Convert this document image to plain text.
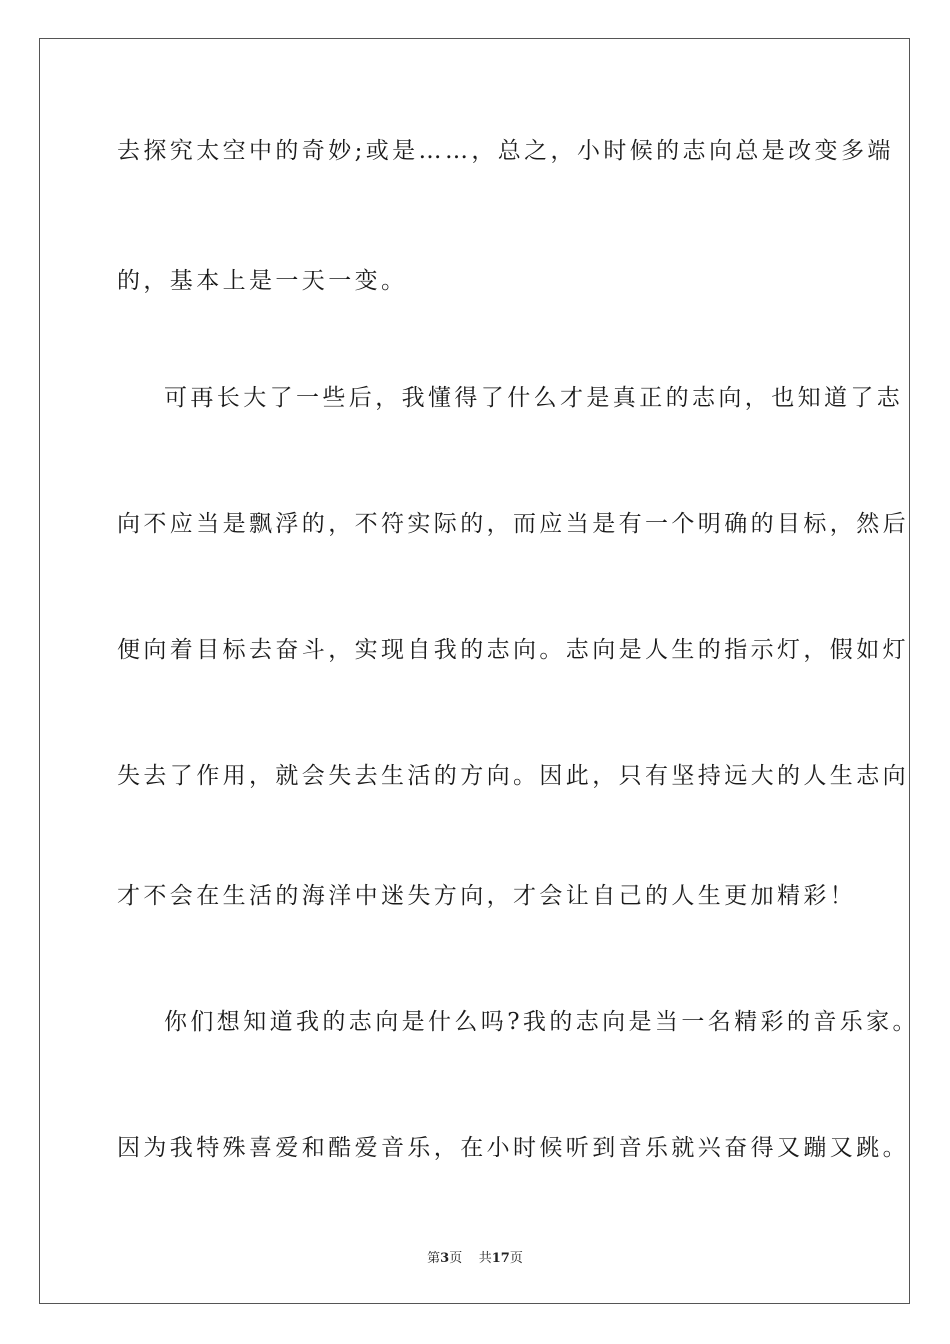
去探究太空中的奇妙;或是……，总之，小时候的志向总是改变多端
的，基本上是一天一变。
可再长大了一些后，我懂得了什么才是真正的志向，也知道了志
向不应当是飘浮的，不符实际的，而应当是有一个明确的目标，然后
便向着目标去奋斗，实现自我的志向。志向是人生的指示灯，假如灯
失去了作用，就会失去生活的方向。因此，只有坚持远大的人生志向
才不会在生活的海洋中迷失方向，才会让自己的人生更加精彩！
你们想知道我的志向是什么吗?我的志向是当一名精彩的音乐家。
因为我特殊喜爱和酷爱音乐，在小时候听到音乐就兴奋得又蹦又跳。
第3页 共17页
